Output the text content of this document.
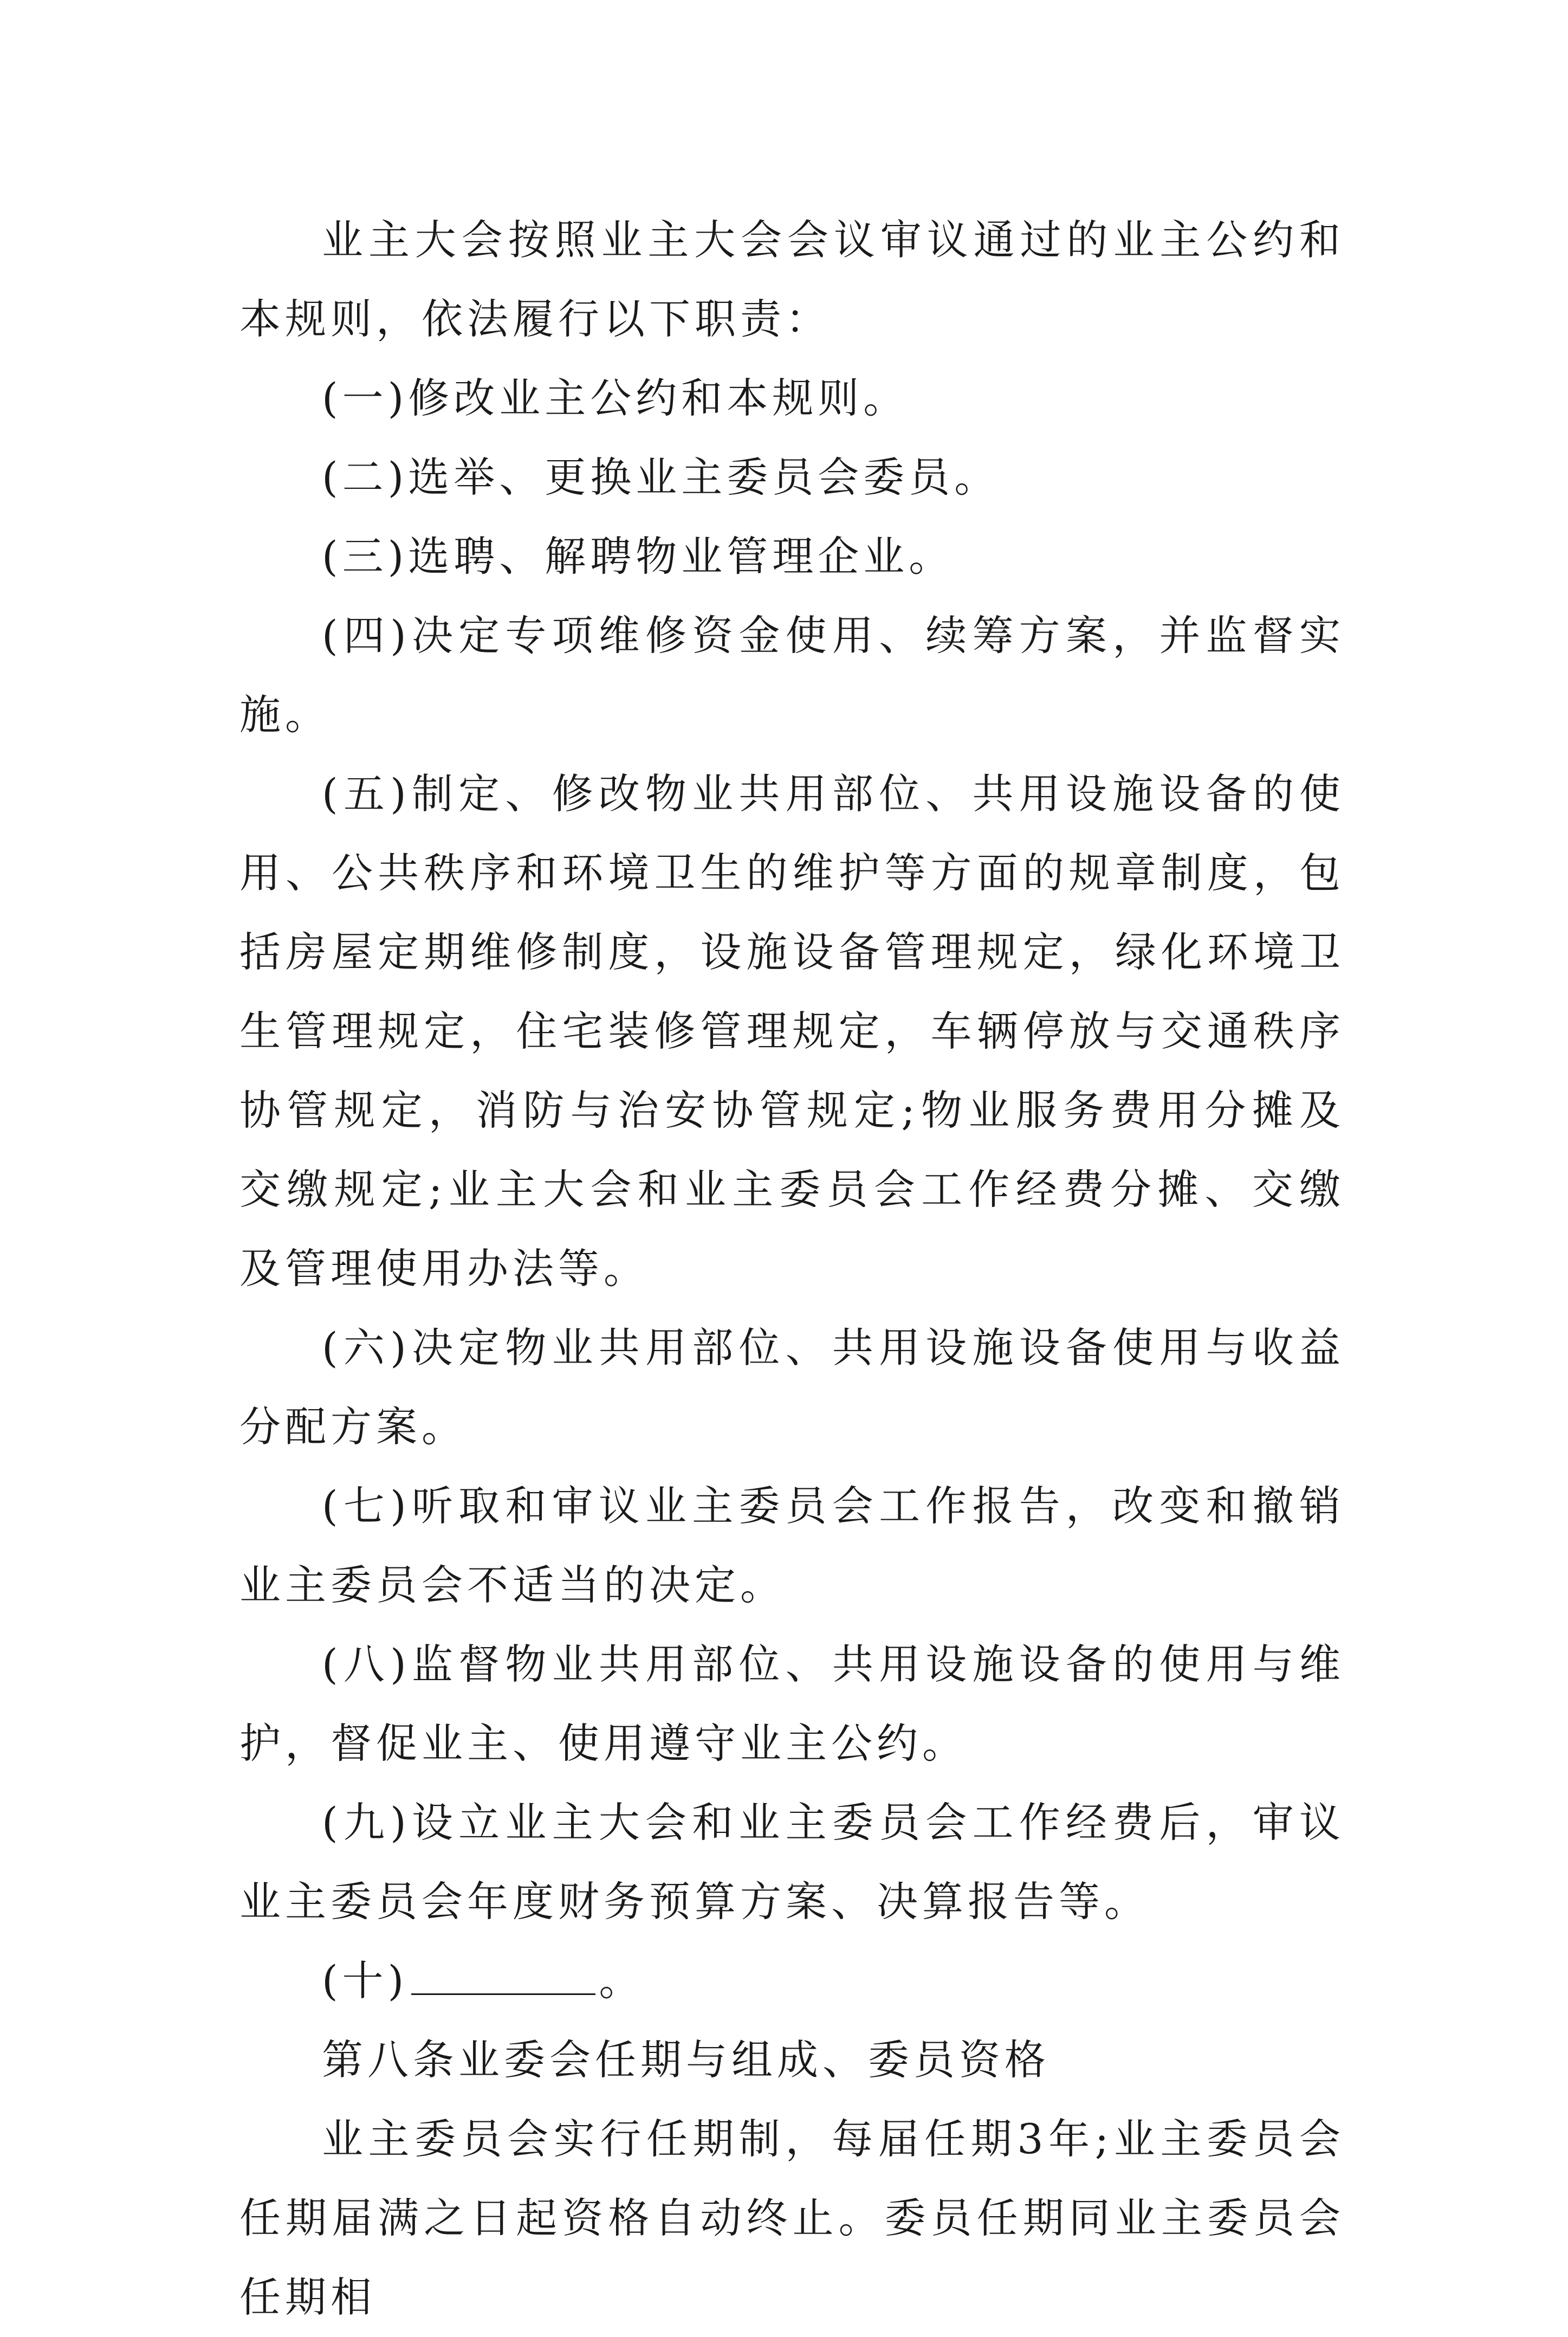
业主大会按照业主大会会议审议通过的业主公约和本规则，依法履行以下职责：

(一)修改业主公约和本规则。

(二)选举、更换业主委员会委员。

(三)选聘、解聘物业管理企业。

(四)决定专项维修资金使用、续筹方案，并监督实施。

(五)制定、修改物业共用部位、共用设施设备的使用、公共秩序和环境卫生的维护等方面的规章制度，包括房屋定期维修制度，设施设备管理规定，绿化环境卫生管理规定，住宅装修管理规定，车辆停放与交通秩序协管规定，消防与治安协管规定;物业服务费用分摊及交缴规定;业主大会和业主委员会工作经费分摊、交缴及管理使用办法等。

(六)决定物业共用部位、共用设施设备使用与收益分配方案。

(七)听取和审议业主委员会工作报告，改变和撤销业主委员会不适当的决定。

(八)监督物业共用部位、共用设施设备的使用与维护，督促业主、使用遵守业主公约。

(九)设立业主大会和业主委员会工作经费后，审议业主委员会年度财务预算方案、决算报告等。

(十)	。

第八条业委会任期与组成、委员资格

业主委员会实行任期制，每届任期3年;业主委员会任期届满之日起资格自动终止。委员任期同业主委员会任期相
